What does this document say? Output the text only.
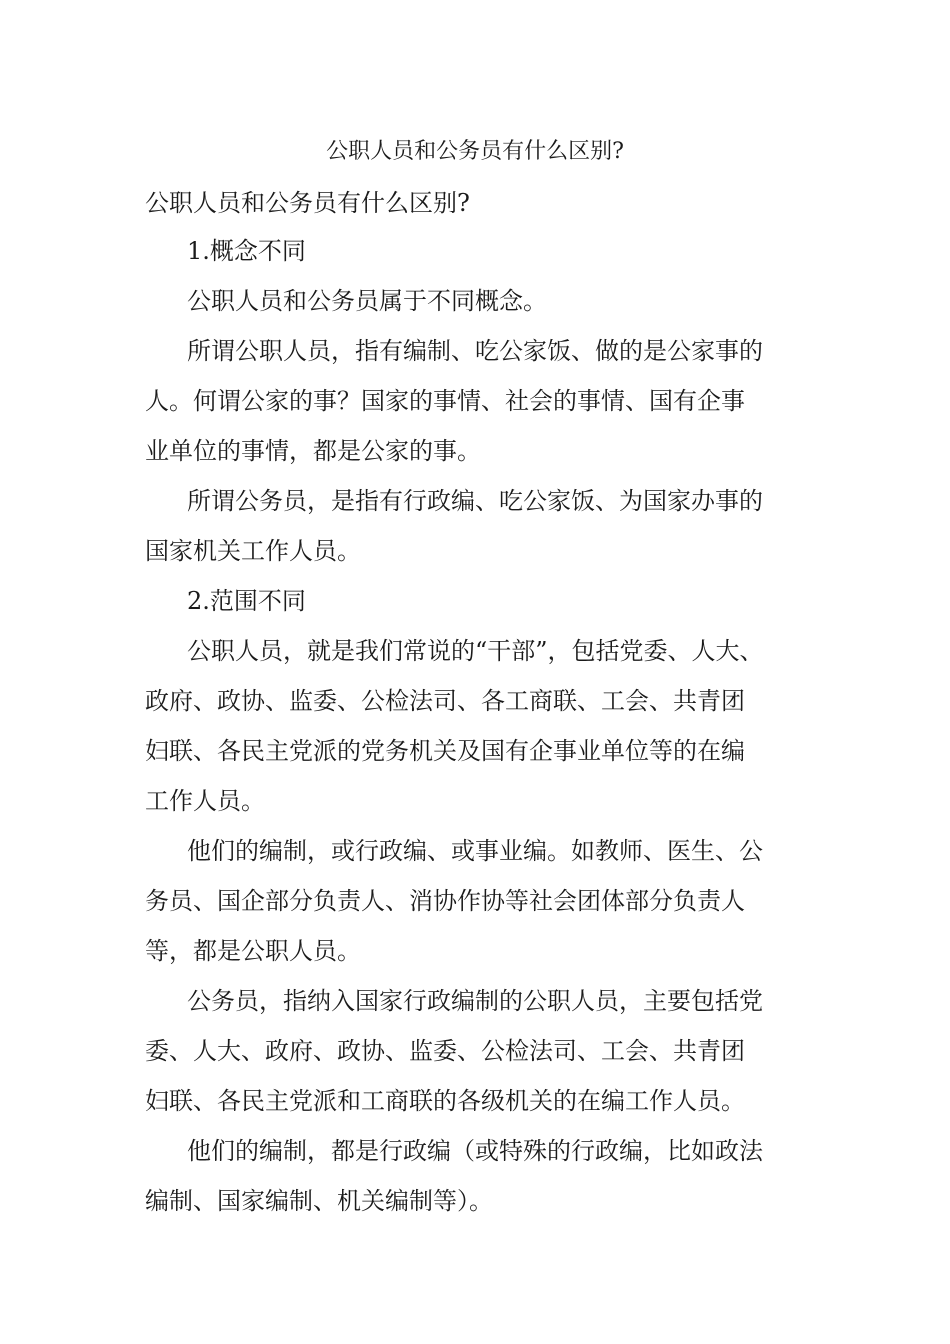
公职人员和公务员有什么区别?

公职人员和公务员有什么区别?

1.概念不同

公职人员和公务员属于不同概念。

所谓公职人员，指有编制、吃公家饭、做的是公家事的

人。何谓公家的事？国家的事情、社会的事情、国有企事

业单位的事情，都是公家的事。

所谓公务员，是指有行政编、吃公家饭、为国家办事的

国家机关工作人员。

2.范围不同

公职人员，就是我们常说的“干部”，包括党委、人大、

政府、政协、监委、公检法司、各工商联、工会、共青团

妇联、各民主党派的党务机关及国有企事业单位等的在编

工作人员。

他们的编制，或行政编、或事业编。如教师、医生、公

务员、国企部分负责人、消协作协等社会团体部分负责人

等，都是公职人员。

公务员，指纳入国家行政编制的公职人员，主要包括党

委、人大、政府、政协、监委、公检法司、工会、共青团

妇联、各民主党派和工商联的各级机关的在编工作人员。

他们的编制，都是行政编（或特殊的行政编，比如政法

编制、国家编制、机关编制等）。
